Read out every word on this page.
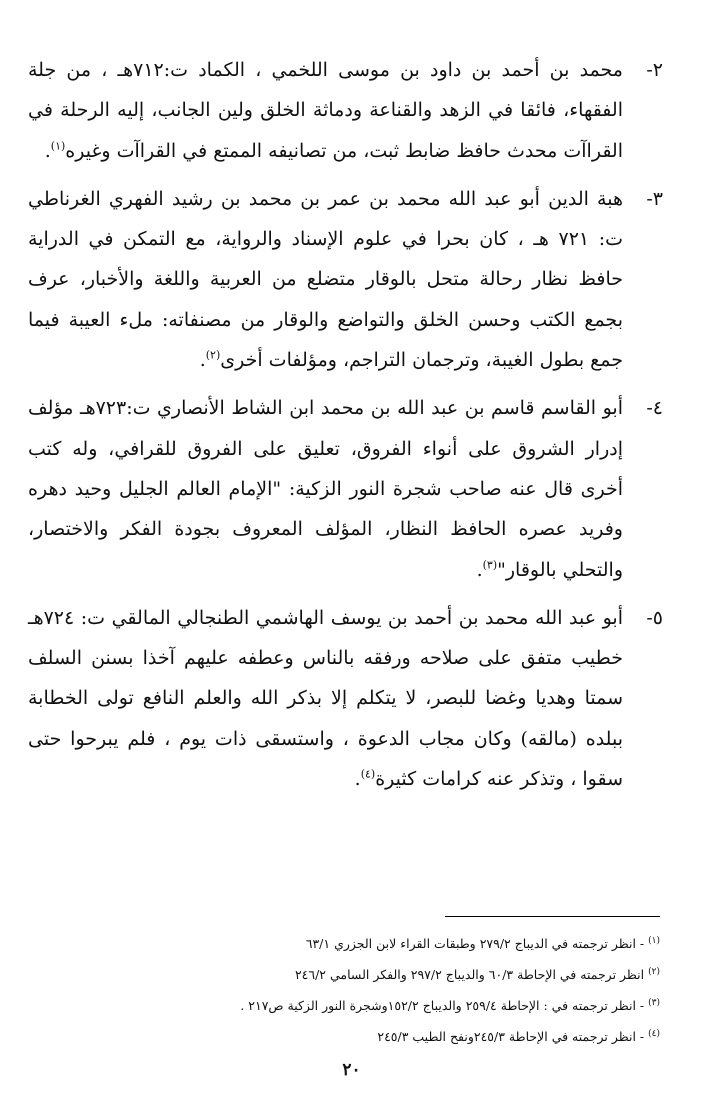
٢-
محمد بن أحمد بن داود بن موسى اللخمي ، الكماد ت:٧١٢هـ ، من جلة الفقهاء، فائقا في الزهد والقناعة ودماثة الخلق ولين الجانب، إليه الرحلة في القراآت محدث حافظ ضابط ثبت، من تصانيفه الممتع في القراآت وغيره$^{(١)}$.
٣-
هبة الدين أبو عبد الله محمد بن عمر بن محمد بن رشيد الفهري الغرناطي ت: ٧٢١ هـ ، كان بحرا في علوم الإسناد والرواية، مع التمكن في الدراية حافظ نظار رحالة متحل بالوقار متضلع من العربية واللغة والأخبار، عرف بجمع الكتب وحسن الخلق والتواضع والوقار من مصنفاته: ملء العيبة فيما جمع بطول الغيبة، وترجمان التراجم، ومؤلفات أخرى$^{(٢)}$.
٤-
أبو القاسم قاسم بن عبد الله بن محمد ابن الشاط الأنصاري ت:٧٢٣هـ مؤلف إدرار الشروق على أنواء الفروق، تعليق على الفروق للقرافي، وله كتب أخرى قال عنه صاحب شجرة النور الزكية: "الإمام العالم الجليل وحيد دهره وفريد عصره الحافظ النظار، المؤلف المعروف بجودة الفكر والاختصار، والتحلي بالوقار"$^{(٣)}$.
٥-
أبو عبد الله محمد بن أحمد بن يوسف الهاشمي الطنجالي المالقي ت: ٧٢٤هـ خطيب متفق على صلاحه ورفقه بالناس وعطفه عليهم آخذا بسنن السلف سمتا وهديا وغضا للبصر، لا يتكلم إلا بذكر الله والعلم النافع تولى الخطابة ببلده (مالقه) وكان مجاب الدعوة ، واستسقى ذات يوم ، فلم يبرحوا حتى سقوا ، وتذكر عنه كرامات كثيرة$^{(٤)}$.
$^{(١)}$ - انظر ترجمته في الديباج ٢٧٩/٢ وطبقات القراء لابن الجزري ٦٣/١
$^{(٢)}$ انظر ترجمته في الإحاطة ٦٠/٣ والديباج ٢٩٧/٢ والفكر السامي ٢٤٦/٢
$^{(٣)}$ - انظر ترجمته في : الإحاطة ٢٥٩/٤ والديباج ١٥٢/٢وشجرة النور الزكية ص٢١٧ .
$^{(٤)}$ - انظر ترجمته في الإحاطة ٢٤٥/٣ونفح الطيب ٢٤٥/٣
٢٠
